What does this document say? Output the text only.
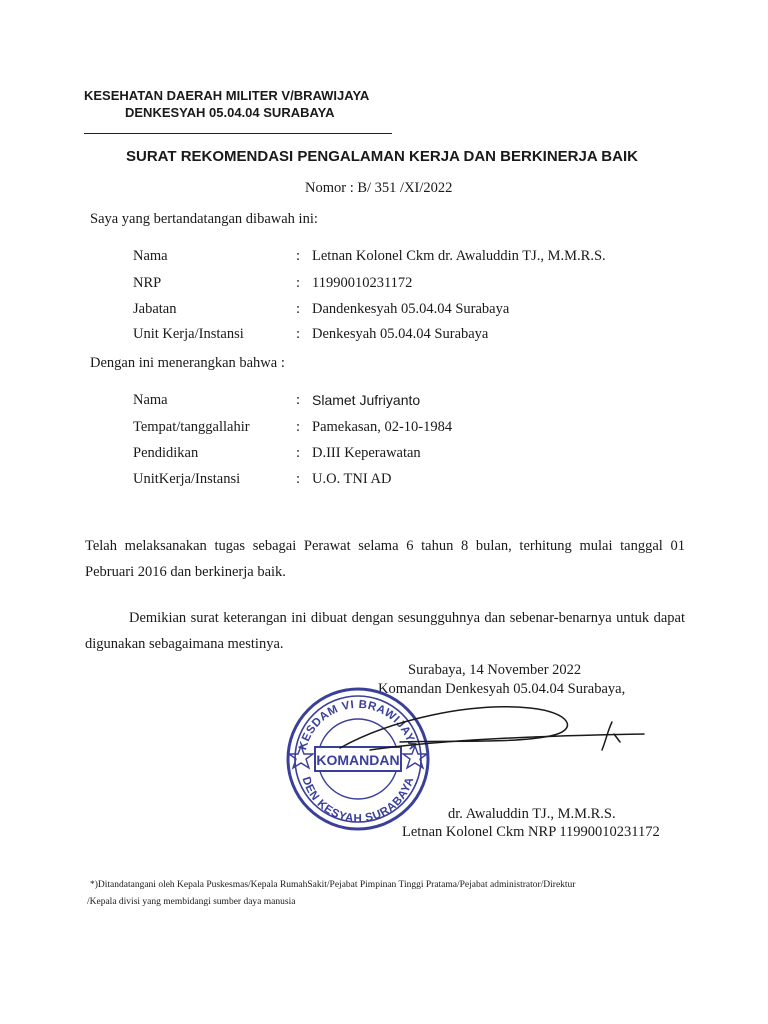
KESEHATAN DAERAH MILITER V/BRAWIJAYA
DENKESYAH 05.04.04 SURABAYA
SURAT REKOMENDASI PENGALAMAN KERJA DAN BERKINERJA BAIK
Nomor : B/ 351 /XI/2022
Saya yang bertandatangan dibawah ini:
Nama	: Letnan Kolonel Ckm dr. Awaluddin TJ., M.M.R.S.
NRP	: 11990010231172
Jabatan	: Dandenkesyah 05.04.04 Surabaya
Unit Kerja/Instansi	: Denkesyah 05.04.04 Surabaya
Dengan ini menerangkan bahwa :
Nama	: Slamet Jufriyanto
Tempat/tanggallahir	: Pamekasan, 02-10-1984
Pendidikan	: D.III Keperawatan
UnitKerja/Instansi	: U.O. TNI AD
Telah melaksanakan tugas sebagai Perawat selama 6 tahun 8 bulan, terhitung mulai tanggal 01 Pebruari 2016 dan berkinerja baik.
Demikian surat keterangan ini dibuat dengan sesungguhnya dan sebenar-benarnya untuk dapat digunakan sebagaimana mestinya.
Surabaya, 14 November 2022
Komandan Denkesyah 05.04.04 Surabaya,
KESDAM VI BRAWIJAYA
DEN KESYAH SURABAYA
KOMANDAN
dr. Awaluddin TJ., M.M.R.S.
Letnan Kolonel Ckm NRP 11990010231172
*)Ditandatangani oleh Kepala Puskesmas/Kepala RumahSakit/Pejabat Pimpinan Tinggi Pratama/Pejabat administrator/Direktur
/Kepala divisi yang membidangi sumber daya manusia
